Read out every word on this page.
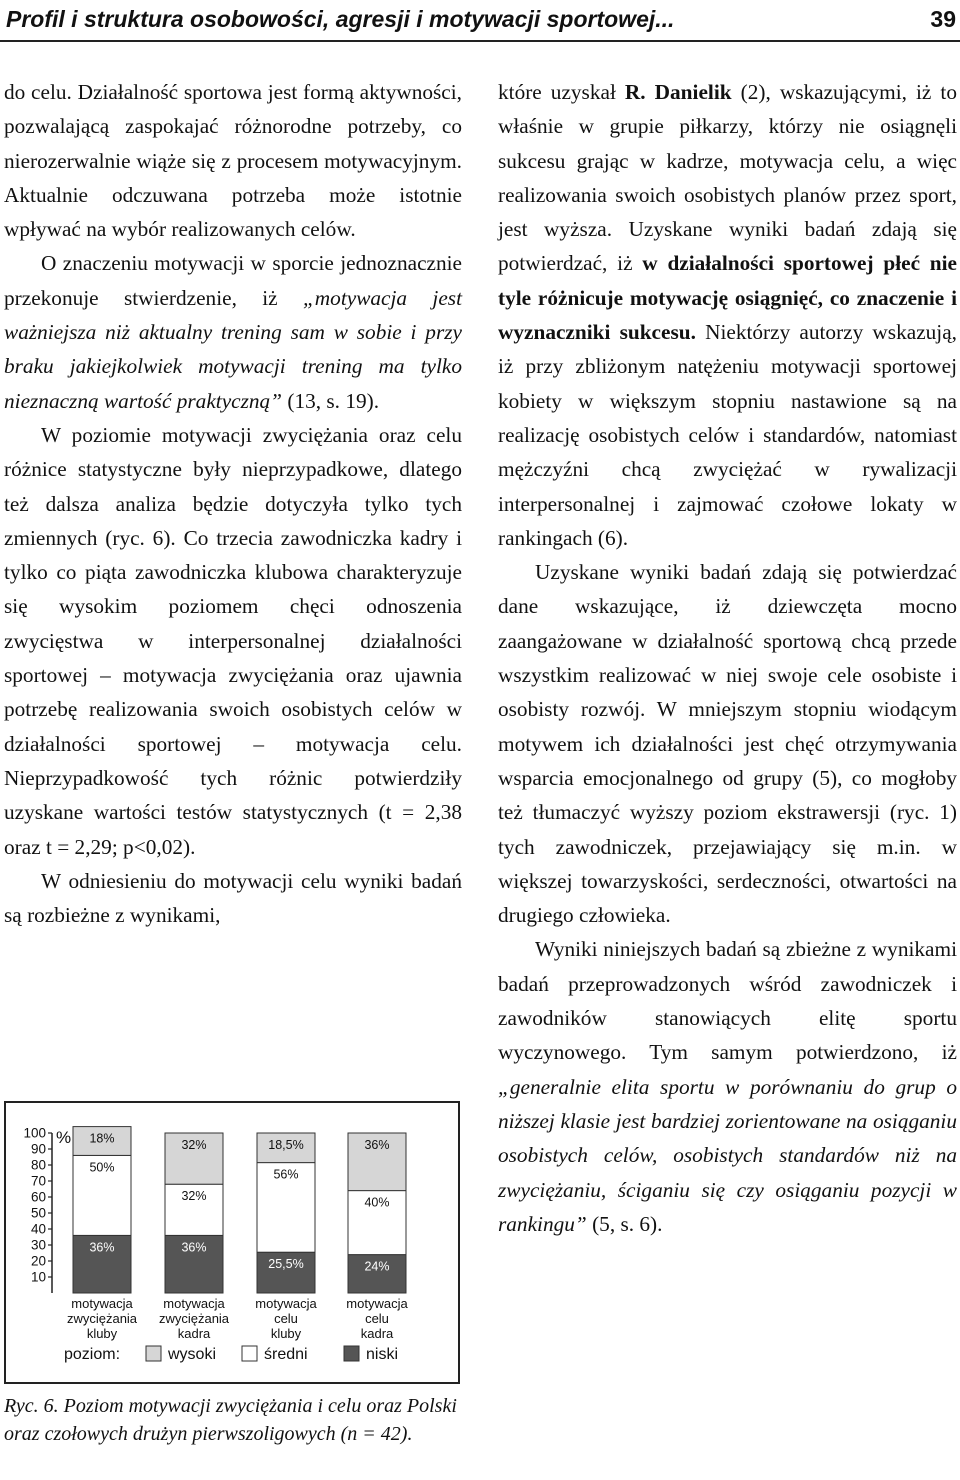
Profil i struktura osobowości, agresji i motywacji sportowej...	39

do celu. Działalność sportowa jest formą aktywności, pozwalającą zaspokajać różnorodne potrzeby, co nierozerwalnie wiąże się z procesem motywacyjnym. Aktualnie odczuwana potrzeba może istotnie wpływać na wybór realizowanych celów.

O znaczeniu motywacji w sporcie jednoznacznie przekonuje stwierdzenie, iż „motywacja jest ważniejsza niż aktualny trening sam w sobie i przy braku jakiejkolwiek motywacji trening ma tylko nieznaczną wartość praktyczną” (13, s. 19).

W poziomie motywacji zwyciężania oraz celu różnice statystyczne były nieprzypadkowe, dlatego też dalsza analiza będzie dotyczyła tylko tych zmiennych (ryc. 6). Co trzecia zawodniczka kadry i tylko co piąta zawodniczka klubowa charakteryzuje się wysokim poziomem chęci odnoszenia zwycięstwa w interpersonalnej działalności sportowej – motywacja zwyciężania oraz ujawnia potrzebę realizowania swoich osobistych celów w działalności sportowej – motywacja celu. Nieprzypadkowość tych różnic potwierdziły uzyskane wartości testów statystycznych (t = 2,38 oraz t = 2,29; p<0,02).

W odniesieniu do motywacji celu wyniki badań są rozbieżne z wynikami,

które uzyskał R. Danielik (2), wskazującymi, iż to właśnie w grupie piłkarzy, którzy nie osiągnęli sukcesu grając w kadrze, motywacja celu, a więc realizowania swoich osobistych planów przez sport, jest wyższa. Uzyskane wyniki badań zdają się potwierdzać, iż w działalności sportowej płeć nie tyle różnicuje motywację osiągnięć, co znaczenie i wyznaczniki sukcesu. Niektórzy autorzy wskazują, iż przy zbliżonym natężeniu motywacji sportowej kobiety w większym stopniu nastawione są na realizację osobistych celów i standardów, natomiast mężczyźni chcą zwyciężać w rywalizacji interpersonalnej i zajmować czołowe lokaty w rankingach (6).

Uzyskane wyniki badań zdają się potwierdzać dane wskazujące, iż dziewczęta mocno zaangażowane w działalność sportową chcą przede wszystkim realizować w niej swoje cele osobiste i osobisty rozwój. W mniejszym stopniu wiodącym motywem ich działalności jest chęć otrzymywania wsparcia emocjonalnego od grupy (5), co mogłoby też tłumaczyć wyższy poziom ekstrawersji (ryc. 1) tych zawodniczek, przejawiający się m.in. w większej towarzyskości, serdeczności, otwartości na drugiego człowieka.

Wyniki niniejszych badań są zbieżne z wynikami badań przeprowadzonych wśród zawodniczek i zawodników stanowiących elitę sportu wyczynowego. Tym samym potwierdzono, iż „generalnie elita sportu w porównaniu do grup o niższej klasie jest bardziej zorientowane na osiąganiu osobistych celów, osobistych standardów niż na zwyciężaniu, ściganiu się czy osiąganiu pozycji w rankingu” (5, s. 6).

100
90
80
70
60
50
40
30
20
10
%
36%
50%
18%
motywacja
zwyciężania
kluby
36%
32%
32%
motywacja
zwyciężania
kadra
25,5%
56%
18,5%
motywacja
celu
kluby
24%
40%
36%
motywacja
celu
kadra
poziom:	wysoki	średni	niski
Ryc. 6. Poziom motywacji zwyciężania i celu oraz Polski oraz czołowych drużyn pierwszoligowych (n = 42).
